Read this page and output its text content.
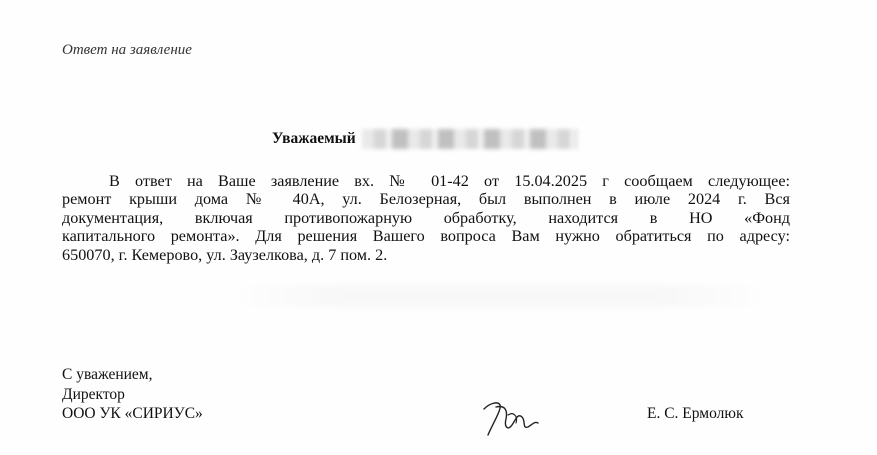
Ответ на заявление
Уважаемый
В ответ на Ваше заявление вх. № 01-42 от 15.04.2025 г сообщаем следующее:
ремонт крыши дома № 40А, ул. Белозерная, был выполнен в июле 2024 г. Вся
документация, включая противопожарную обработку, находится в НО «Фонд
капитального ремонта». Для решения Вашего вопроса Вам нужно обратиться по адресу:
650070, г. Кемерово, ул. Заузелкова, д. 7 пом. 2.
С уважением,
Директор
ООО УК «СИРИУС»	Е. С. Ермолюк
